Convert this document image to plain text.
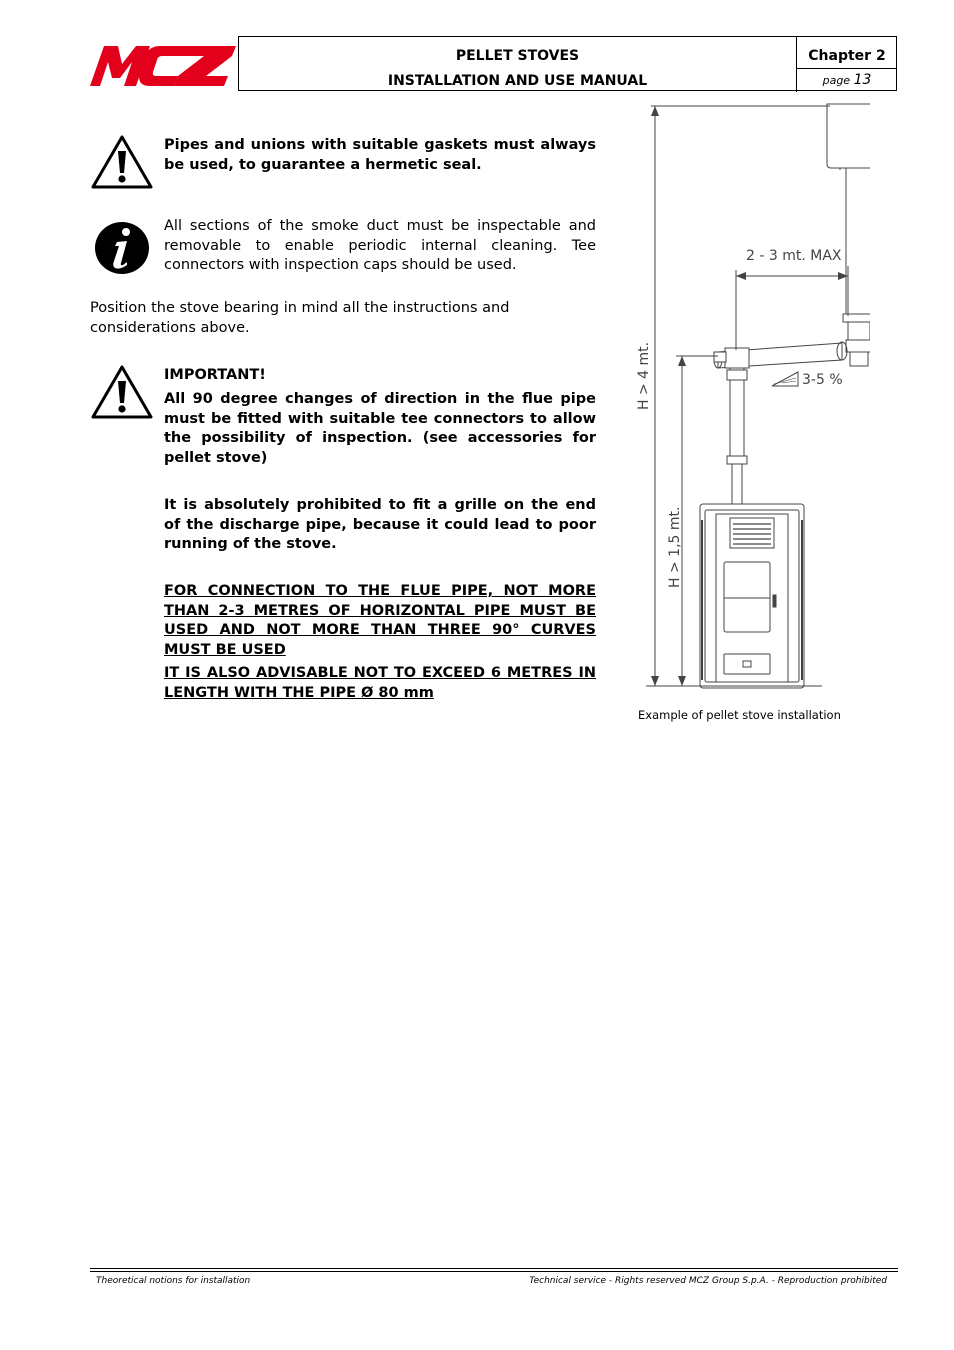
PELLET STOVES
INSTALLATION AND USE MANUAL
Chapter 2
page 13
Pipes and unions with suitable gaskets must always be used, to guarantee a hermetic seal.
All sections of the smoke duct must be inspectable and removable to enable periodic internal cleaning. Tee connectors with inspection caps should be used.
Position the stove bearing in mind all the instructions and considerations above.
IMPORTANT!
All 90 degree changes of direction in the flue pipe must be fitted with suitable tee connectors to allow the possibility of inspection. (see accessories for pellet stove)
It is absolutely prohibited to fit a grille on the end of the discharge pipe, because it could lead to poor running of the stove.
FOR CONNECTION TO THE FLUE PIPE, NOT MORE THAN 2-3 METRES OF HORIZONTAL PIPE MUST BE USED AND NOT MORE THAN THREE 90° CURVES MUST BE USED
IT IS ALSO ADVISABLE NOT TO EXCEED 6 METRES IN LENGTH WITH THE PIPE Ø 80 mm
2 - 3 mt. MAX
3-5 %
H > 4 mt.
H > 1,5 mt.
Example of pellet stove installation
Theoretical notions for installation	Technical service - Rights reserved MCZ Group S.p.A. - Reproduction prohibited
